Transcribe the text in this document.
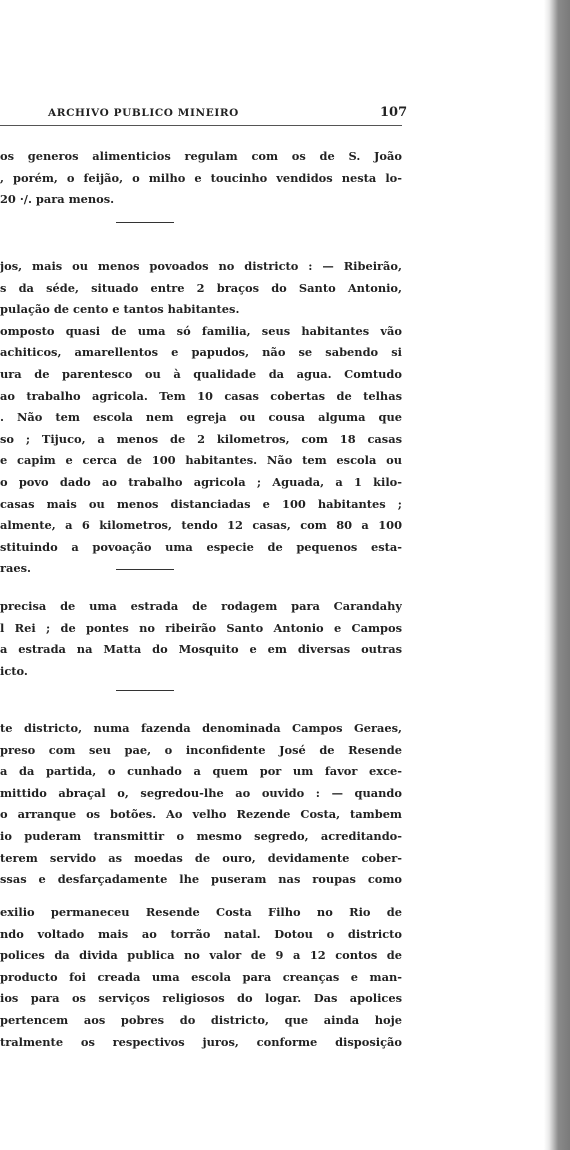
ARCHIVO PUBLICO MINEIRO	107
os generos alimenticios regulam com os de S. João
, porém, o feijão, o milho e toucinho vendidos nesta lo-
20 ·/. para menos.
jos, mais ou menos povoados no districto : — Ribeirão,
s da séde, situado entre 2 braços do Santo Antonio,
pulação de cento e tantos habitantes.
omposto quasi de uma só familia, seus habitantes vão
achiticos, amarellentos e papudos, não se sabendo si
ura de parentesco ou à qualidade da agua. Comtudo
ao trabalho agricola. Tem 10 casas cobertas de telhas
. Não tem escola nem egreja ou cousa alguma que
so ; Tijuco, a menos de 2 kilometros, com 18 casas
e capim e cerca de 100 habitantes. Não tem escola ou
o povo dado ao trabalho agricola ; Aguada, a 1 kilo-
casas mais ou menos distanciadas e 100 habitantes ;
almente, a 6 kilometros, tendo 12 casas, com 80 a 100
stituindo a povoação uma especie de pequenos esta-
raes.
precisa de uma estrada de rodagem para Carandahy
l Rei ; de pontes no ribeirão Santo Antonio e Campos
a estrada na Matta do Mosquito e em diversas outras
icto.
te districto, numa fazenda denominada Campos Geraes,
preso com seu pae, o inconfidente José de Resende
a da partida, o cunhado a quem por um favor exce-
mittido abraçal o, segredou-lhe ao ouvido : — quando
o arranque os botões. Ao velho Rezende Costa, tambem
io puderam transmittir o mesmo segredo, acreditando-
terem servido as moedas de ouro, devidamente cober-
ssas e desfarçadamente lhe puseram nas roupas como
exilio permaneceu Resende Costa Filho no Rio de
ndo voltado mais ao torrão natal. Dotou o districto
polices da divida publica no valor de 9 a 12 contos de
producto foi creada uma escola para creanças e man-
ios para os serviços religiosos do logar. Das apolices
pertencem aos pobres do districto, que ainda hoje
tralmente os respectivos juros, conforme disposição
